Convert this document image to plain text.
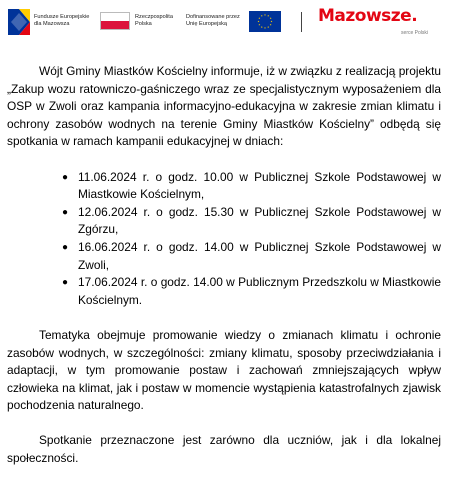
Fundusze Europejskie
dla Mazowsza
Rzeczpospolita
Polska
Dofinansowane przez
Unię Europejską	Mazowsze.
serce Polski

Wójt Gminy Miastków Kościelny informuje, iż w związku z realizacją projektu „Zakup wozu ratowniczo-gaśniczego wraz ze specjalistycznym wyposażeniem dla OSP w Zwoli oraz kampania informacyjno-edukacyjna w zakresie zmian klimatu i ochrony zasobów wodnych na terenie Gminy Miastków Kościelny” odbędą się spotkania w ramach kampanii edukacyjnej w dniach:

● 11.06.2024 r. o godz. 10.00 w Publicznej Szkole Podstawowej w Miastkowie Kościelnym,
● 12.06.2024 r. o godz. 15.30 w Publicznej Szkole Podstawowej w Zgórzu,
● 16.06.2024 r. o godz. 14.00 w Publicznej Szkole Podstawowej w Zwoli,
● 17.06.2024 r. o godz. 14.00 w Publicznym Przedszkolu w Miastkowie Kościelnym.

Tematyka obejmuje promowanie wiedzy o zmianach klimatu i ochronie zasobów wodnych, w szczególności: zmiany klimatu, sposoby przeciwdziałania i adaptacji, w tym promowanie postaw i zachowań zmniejszających wpływ człowieka na klimat, jak i postaw w momencie wystąpienia katastrofalnych zjawisk pochodzenia naturalnego.

Spotkanie przeznaczone jest zarówno dla uczniów, jak i dla lokalnej społeczności.
